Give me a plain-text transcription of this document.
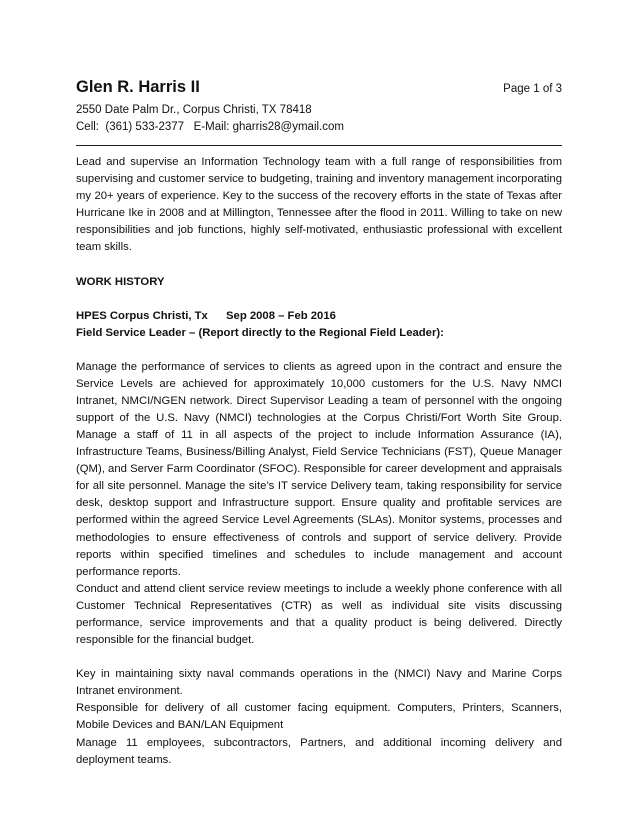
Glen R. Harris II	Page 1 of 3
2550 Date Palm Dr., Corpus Christi, TX 78418
Cell:  (361) 533-2377   E-Mail: gharris28@ymail.com

Lead and supervise an Information Technology team with a full range of responsibilities from supervising and customer service to budgeting, training and inventory management incorporating my 20+ years of experience. Key to the success of the recovery efforts in the state of Texas after Hurricane Ike in 2008 and at Millington, Tennessee after the flood in 2011. Willing to take on new responsibilities and job functions, highly self-motivated, enthusiastic professional with excellent team skills.

WORK HISTORY
HPES Corpus Christi, Tx Sep 2008 – Feb 2016
Field Service Leader – (Report directly to the Regional Field Leader):

Manage the performance of services to clients as agreed upon in the contract and ensure the Service Levels are achieved for approximately 10,000 customers for the U.S. Navy NMCI Intranet, NMCI/NGEN network. Direct Supervisor Leading a team of personnel with the ongoing support of the U.S. Navy (NMCI) technologies at the Corpus Christi/Fort Worth Site Group. Manage a staff of 11 in all aspects of the project to include Information Assurance (IA), Infrastructure Teams, Business/Billing Analyst, Field Service Technicians (FST), Queue Manager (QM), and Server Farm Coordinator (SFOC). Responsible for career development and appraisals for all site personnel. Manage the site’s IT service Delivery team, taking responsibility for service desk, desktop support and Infrastructure support. Ensure quality and profitable services are performed within the agreed Service Level Agreements (SLAs). Monitor systems, processes and methodologies to ensure effectiveness of controls and support of service delivery. Provide reports within specified timelines and schedules to include management and account performance reports.

Conduct and attend client service review meetings to include a weekly phone conference with all Customer Technical Representatives (CTR) as well as individual site visits discussing performance, service improvements and that a quality product is being delivered. Directly responsible for the financial budget.

Key in maintaining sixty naval commands operations in the (NMCI) Navy and Marine Corps Intranet environment.

Responsible for delivery of all customer facing equipment. Computers, Printers, Scanners, Mobile Devices and BAN/LAN Equipment

Manage 11 employees, subcontractors, Partners, and additional incoming delivery and deployment teams.
